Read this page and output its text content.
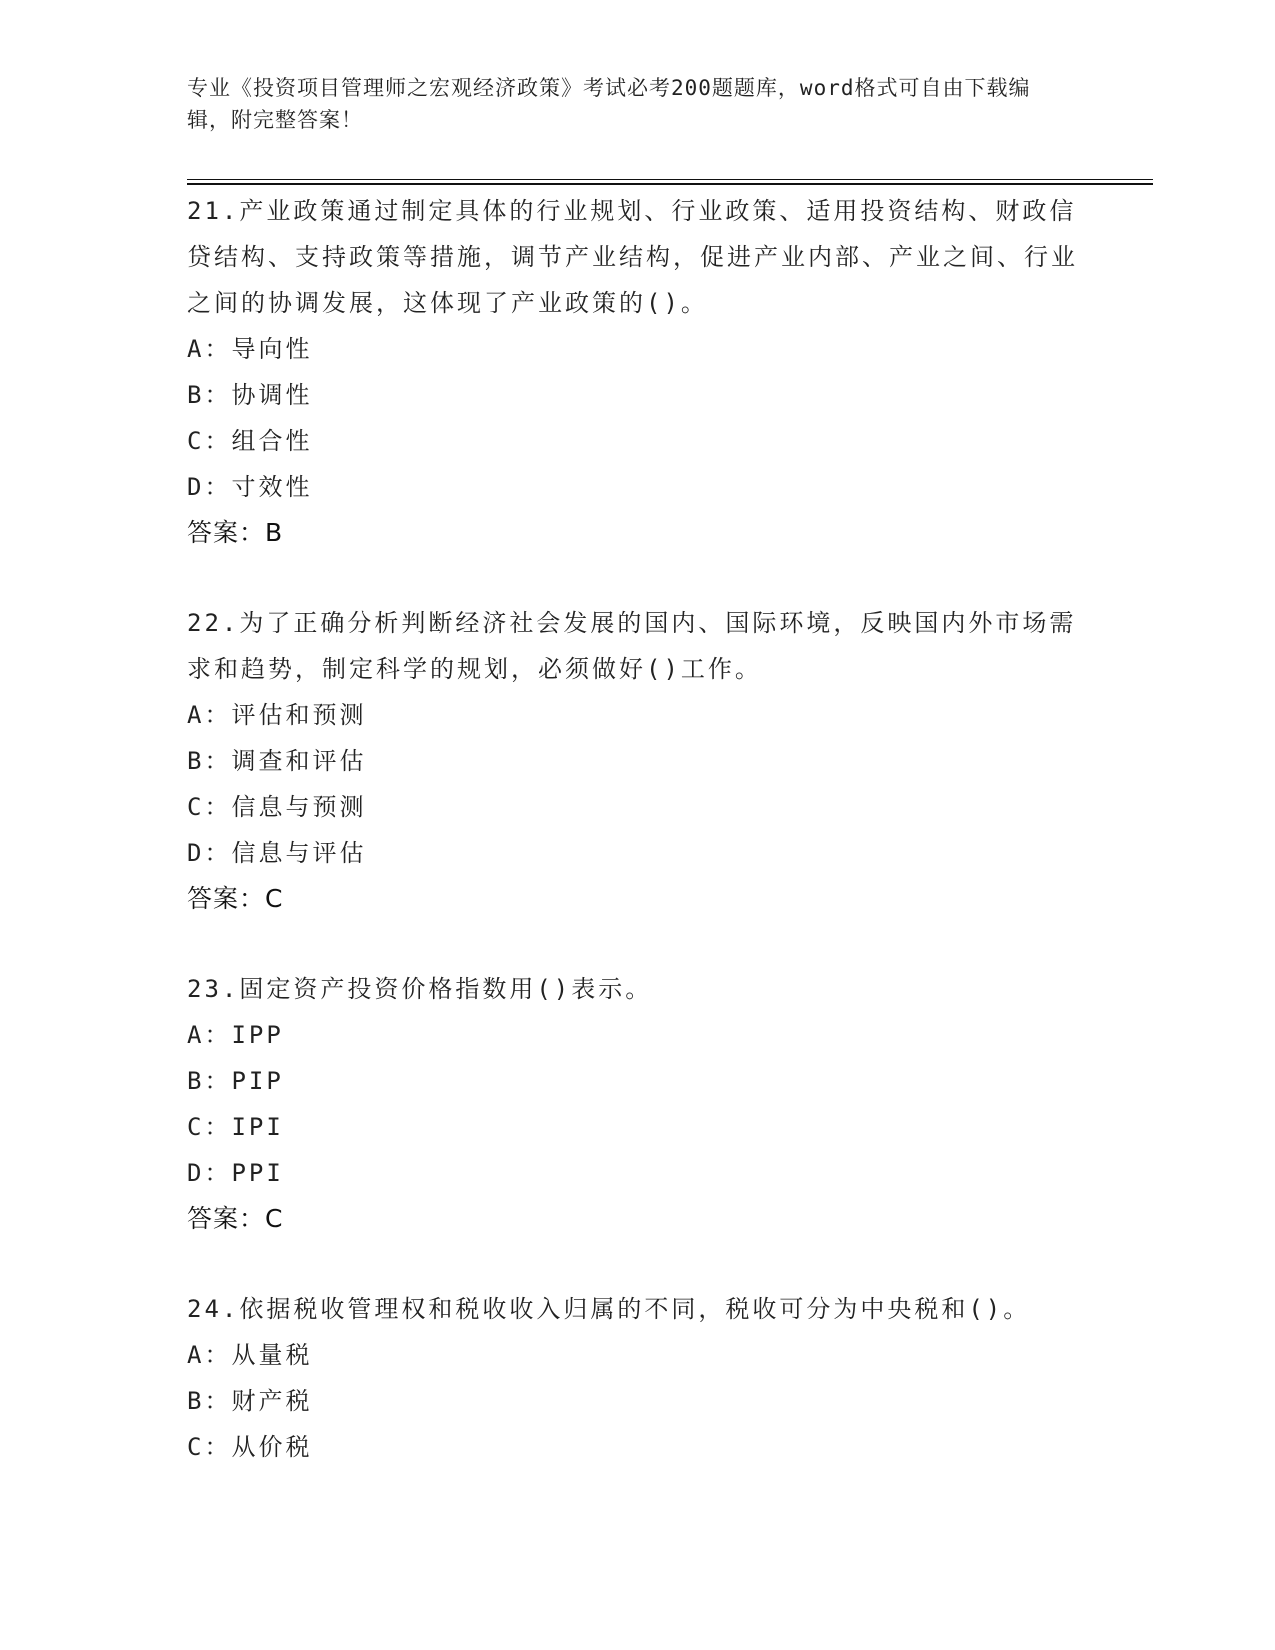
专业《投资项目管理师之宏观经济政策》考试必考200题题库，word格式可自由下载编辑，附完整答案！

21.产业政策通过制定具体的行业规划、行业政策、适用投资结构、财政信贷结构、支持政策等措施，调节产业结构，促进产业内部、产业之间、行业之间的协调发展，这体现了产业政策的()。

A：导向性

B：协调性

C：组合性

D：寸效性

答案：B

22.为了正确分析判断经济社会发展的国内、国际环境，反映国内外市场需求和趋势，制定科学的规划，必须做好()工作。

A：评估和预测

B：调查和评估

C：信息与预测

D：信息与评估

答案：C

23.固定资产投资价格指数用()表示。

A：IPP

B：PIP

C：IPI

D：PPI

答案：C

24.依据税收管理权和税收收入归属的不同，税收可分为中央税和()。

A：从量税

B：财产税

C：从价税
